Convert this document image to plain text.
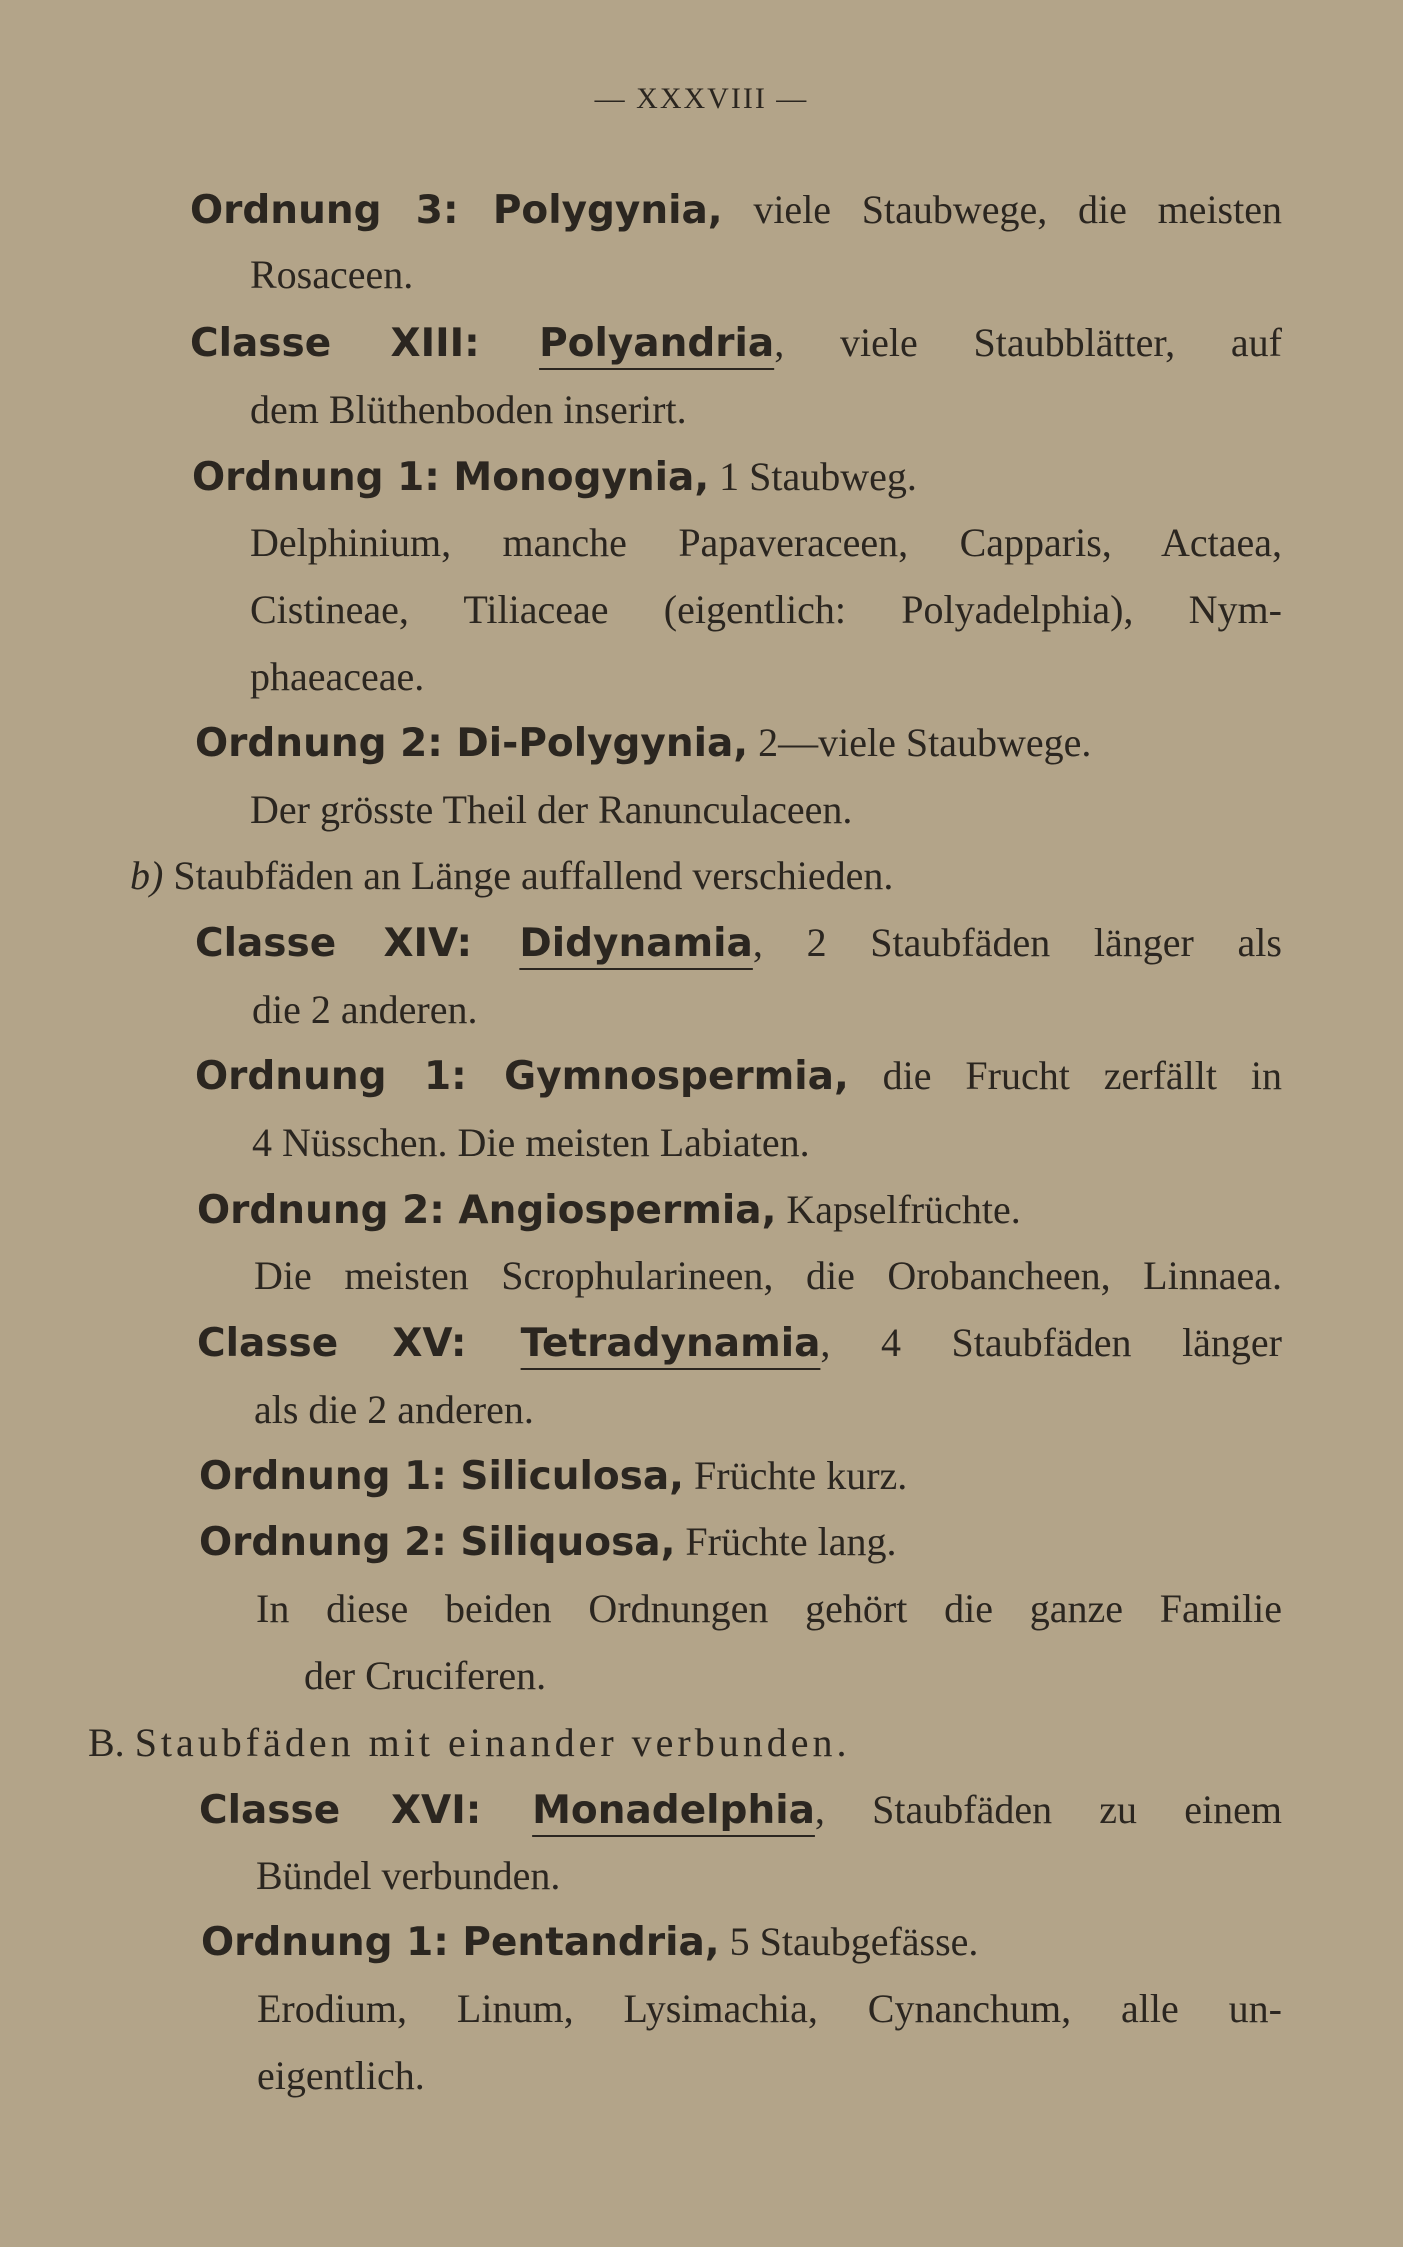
— XXXVIII —
Ordnung 3: Polygynia, viele Staubwege, die meisten
Rosaceen.
Classe XIII: Polyandria, viele Staubblätter, auf
dem Blüthenboden inserirt.
Ordnung 1: Monogynia, 1 Staubweg.
Delphinium, manche Papaveraceen, Capparis, Actaea,
Cistineae, Tiliaceae (eigentlich: Polyadelphia), Nym-
phaeaceae.
Ordnung 2: Di-Polygynia, 2—viele Staubwege.
Der grösste Theil der Ranunculaceen.
b) Staubfäden an Länge auffallend verschieden.
Classe XIV: Didynamia, 2 Staubfäden länger als
die 2 anderen.
Ordnung 1: Gymnospermia, die Frucht zerfällt in
4 Nüsschen. Die meisten Labiaten.
Ordnung 2: Angiospermia, Kapselfrüchte.
Die meisten Scrophularineen, die Orobancheen, Linnaea.
Classe XV: Tetradynamia, 4 Staubfäden länger
als die 2 anderen.
Ordnung 1: Siliculosa, Früchte kurz.
Ordnung 2: Siliquosa, Früchte lang.
In diese beiden Ordnungen gehört die ganze Familie
der Cruciferen.
B. Staubfäden mit einander verbunden.
Classe XVI: Monadelphia, Staubfäden zu einem
Bündel verbunden.
Ordnung 1: Pentandria, 5 Staubgefässe.
Erodium, Linum, Lysimachia, Cynanchum, alle un-
eigentlich.
